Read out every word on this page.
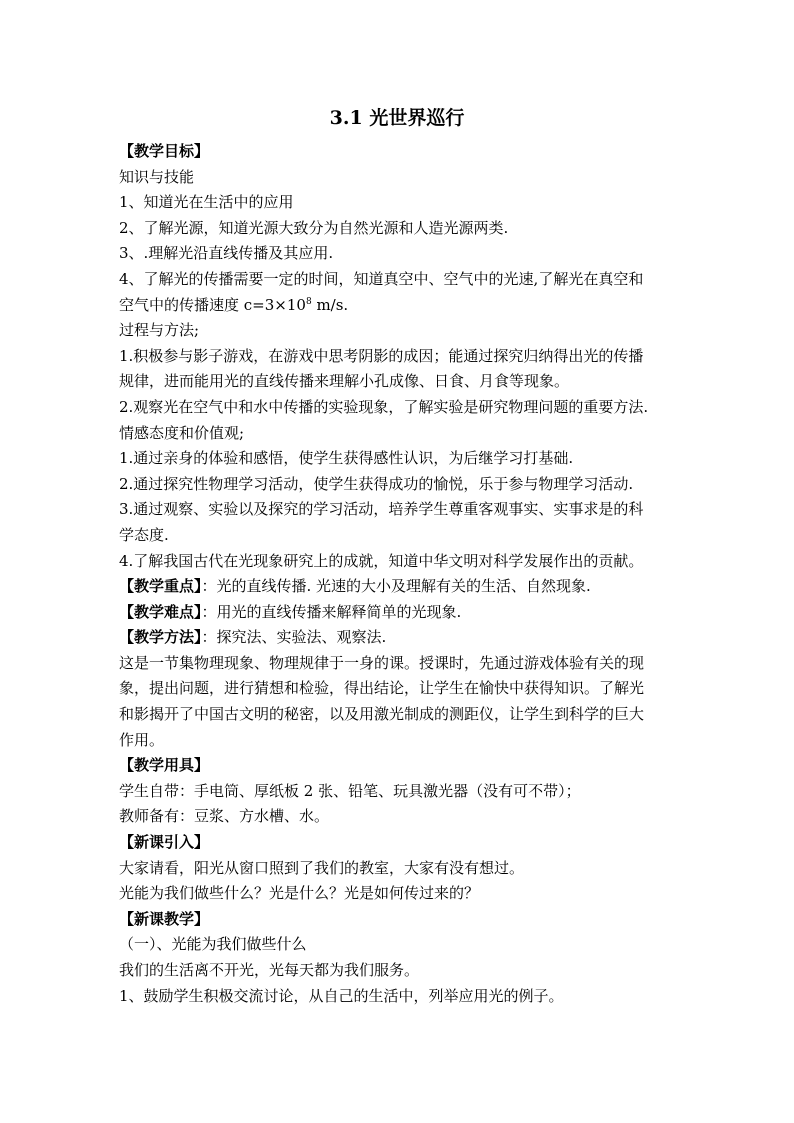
3.1 光世界巡行
【教学目标】
知识与技能
1、知道光在生活中的应用
2、了解光源，知道光源大致分为自然光源和人造光源两类.
3、.理解光沿直线传播及其应用.
4、了解光的传播需要一定的时间，知道真空中、空气中的光速,了解光在真空和
空气中的传播速度 $c=3\times 10^8$ m/s.
过程与方法;
1.积极参与影子游戏，在游戏中思考阴影的成因；能通过探究归纳得出光的传播
规律，进而能用光的直线传播来理解小孔成像、日食、月食等现象。
2.观察光在空气中和水中传播的实验现象，了解实验是研究物理问题的重要方法.
情感态度和价值观;
1.通过亲身的体验和感悟，使学生获得感性认识，为后继学习打基础.
2.通过探究性物理学习活动，使学生获得成功的愉悦，乐于参与物理学习活动.
3.通过观察、实验以及探究的学习活动，培养学生尊重客观事实、实事求是的科
学态度.
4.了解我国古代在光现象研究上的成就，知道中华文明对科学发展作出的贡献。
【教学重点】：光的直线传播. 光速的大小及理解有关的生活、自然现象.
【教学难点】：用光的直线传播来解释简单的光现象.
【教学方法】：探究法、实验法、观察法.
这是一节集物理现象、物理规律于一身的课。授课时，先通过游戏体验有关的现
象，提出问题，进行猜想和检验，得出结论，让学生在愉快中获得知识。了解光
和影揭开了中国古文明的秘密，以及用激光制成的测距仪，让学生到科学的巨大
作用。
【教学用具】
学生自带：手电筒、厚纸板 2 张、铅笔、玩具激光器（没有可不带）；
教师备有：豆浆、方水槽、水。
【新课引入】
大家请看，阳光从窗口照到了我们的教室，大家有没有想过。
光能为我们做些什么？光是什么？光是如何传过来的？
【新课教学】
（一）、光能为我们做些什么
我们的生活离不开光，光每天都为我们服务。
1、鼓励学生积极交流讨论，从自己的生活中，列举应用光的例子。
